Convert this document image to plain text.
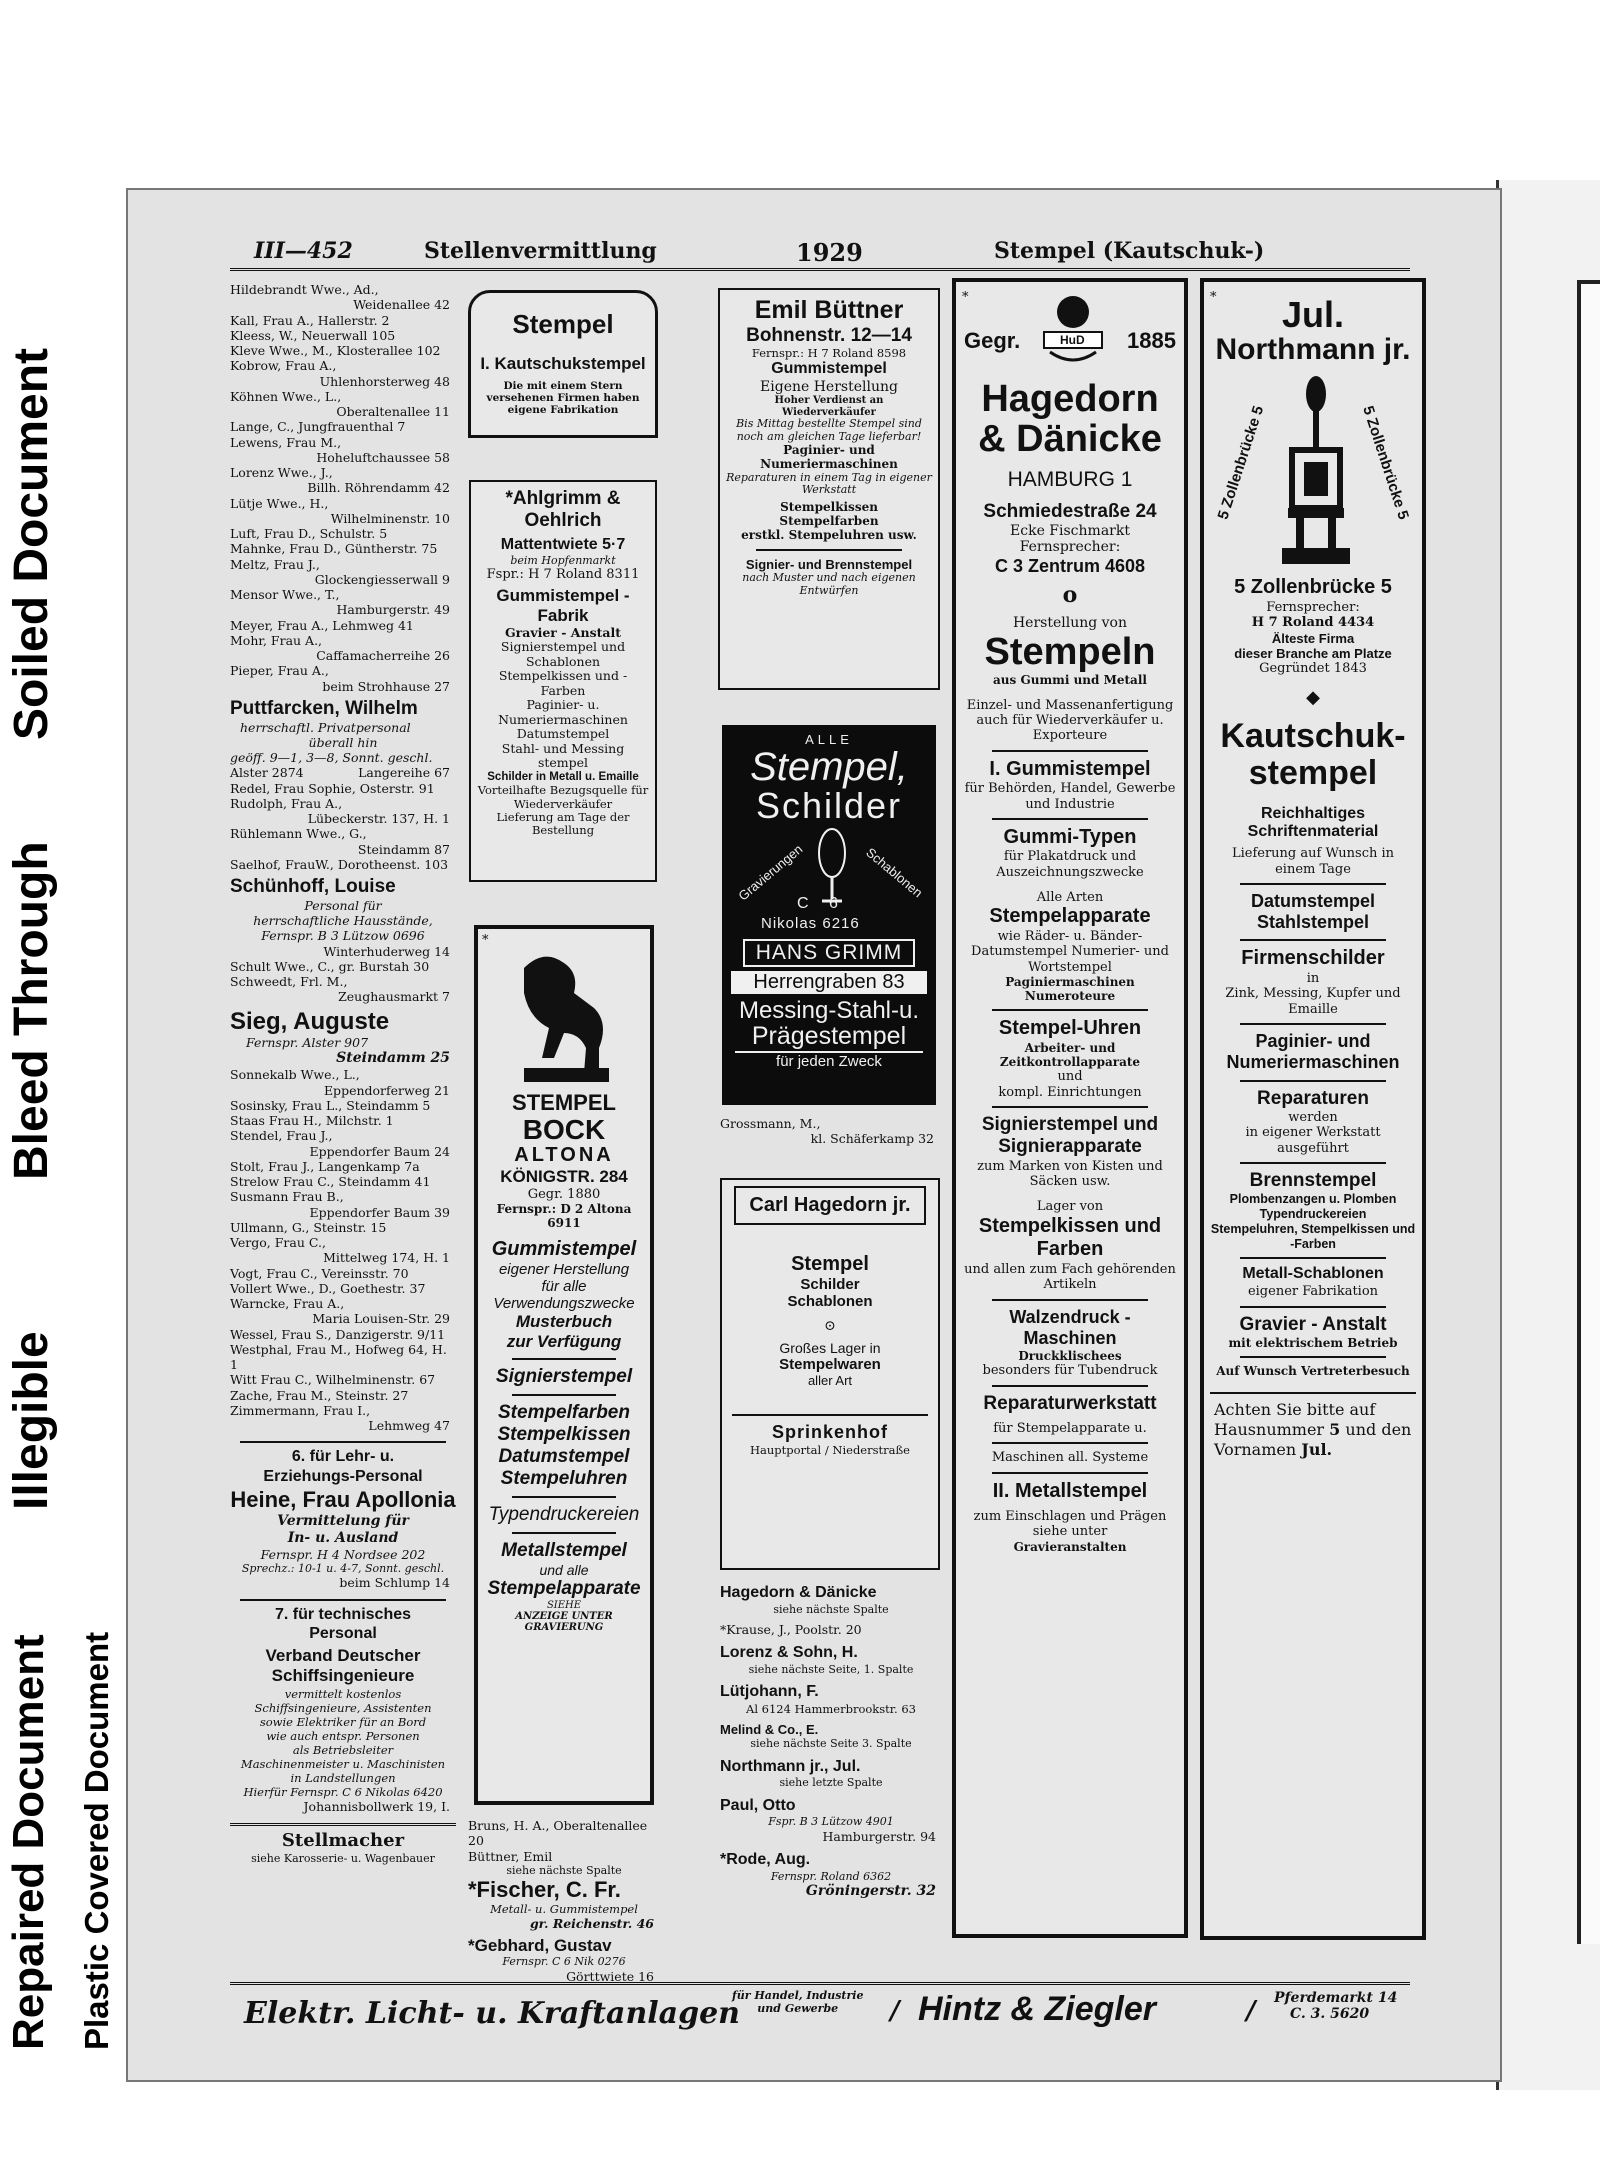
Repaired Document Plastic Covered Document
Illegible
Bleed Through
Soiled Document
III—452	Stellenvermittlung	1929	Stempel (Kautschuk-)
Hildebrandt Wwe., Ad.,
Weidenallee 42
Kall, Frau A., Hallerstr. 2
Kleess, W., Neuerwall 105
Kleve Wwe., M., Klosterallee 102
Kobrow, Frau A.,
Uhlenhorsterweg 48
Köhnen Wwe., L.,
Oberaltenallee 11
Lange, C., Jungfrauenthal 7
Lewens, Frau M.,
Hoheluftchaussee 58
Lorenz Wwe., J.,
Billh. Röhrendamm 42
Lütje Wwe., H.,
Wilhelminenstr. 10
Luft, Frau D., Schulstr. 5
Mahnke, Frau D., Güntherstr. 75
Meltz, Frau J.,
Glockengiesserwall 9
Mensor Wwe., T.,
Hamburgerstr. 49
Meyer, Frau A., Lehmweg 41
Mohr, Frau A.,
Caffamacherreihe 26
Pieper, Frau A.,
beim Strohhause 27
Puttfarcken, Wilhelm
herrschaftl. Privatpersonal
überall hin
geöff. 9—1, 3—8, Sonnt. geschl.
Alster 2874	Langereihe 67
Redel, Frau Sophie, Osterstr. 91
Rudolph, Frau A.,
Lübeckerstr. 137, H. 1
Rühlemann Wwe., G.,
Steindamm 87
Saelhof, FrauW., Dorotheenst. 103
Schünhoff, Louise
Personal für
herrschaftliche Hausstände,
Fernspr. B 3 Lützow 0696
Winterhuderweg 14
Schult Wwe., C., gr. Burstah 30
Schweedt, Frl. M.,
Zeughausmarkt 7
Sieg, Auguste
Fernspr. Alster 907
Steindamm 25
Sonnekalb Wwe., L.,
Eppendorferweg 21
Sosinsky, Frau L., Steindamm 5
Staas Frau H., Milchstr. 1
Stendel, Frau J.,
Eppendorfer Baum 24
Stolt, Frau J., Langenkamp 7a
Strelow Frau C., Steindamm 41
Susmann Frau B.,
Eppendorfer Baum 39
Ullmann, G., Steinstr. 15
Vergo, Frau C.,
Mittelweg 174, H. 1
Vogt, Frau C., Vereinsstr. 70
Vollert Wwe., D., Goethestr. 37
Warncke, Frau A.,
Maria Louisen-Str. 29
Wessel, Frau S., Danzigerstr. 9/11
Westphal, Frau M., Hofweg 64, H. 1
Witt Frau C., Wilhelminenstr. 67
Zache, Frau M., Steinstr. 27
Zimmermann, Frau I.,
Lehmweg 47
6. für Lehr- u.
Erziehungs-Personal
Heine, Frau Apollonia
Vermittelung für
In- u. Ausland
Fernspr. H 4 Nordsee 202
Sprechz.: 10-1 u. 4-7, Sonnt. geschl.
beim Schlump 14
7. für technisches
Personal
Verband Deutscher
Schiffsingenieure
vermittelt kostenlos
Schiffsingenieure, Assistenten
sowie Elektriker für an Bord
wie auch entspr. Personen
als Betriebsleiter
Maschinenmeister u. Maschinisten
in Landstellungen
Hierfür Fernspr. C 6 Nikolas 6420
Johannisbollwerk 19, I.
Stellmacher
siehe Karosserie- u. Wagenbauer
Stempel
I. Kautschukstempel
Die mit einem Stern versehenen Firmen haben eigene Fabrikation
*Ahlgrimm & Oehlrich
Mattentwiete 5·7
beim Hopfenmarkt
Fspr.: H 7 Roland 8311
Gummistempel - Fabrik
Gravier - Anstalt
Signierstempel und Schablonen
Stempelkissen und -Farben
Paginier- u. Numeriermaschinen
Datumstempel
Stahl- und Messing stempel
Schilder in Metall u. Emaille
Vorteilhafte Bezugsquelle für Wiederverkäufer
Lieferung am Tage der Bestellung
*
STEMPEL
BOCK
ALTONA
KÖNIGSTR. 284
Gegr. 1880
Fernspr.: D 2 Altona 6911
Gummistempel
eigener Herstellung
für alle
Verwendungszwecke
Musterbuch
zur Verfügung
Signierstempel
Stempelfarben
Stempelkissen
Datumstempel
Stempeluhren
Typendruckereien
Metallstempel
und alle
Stempelapparate
SIEHE
ANZEIGE UNTER GRAVIERUNG
Bruns, H. A., Oberaltenallee 20
Büttner, Emil
siehe nächste Spalte
*Fischer, C. Fr.
Metall- u. Gummistempel
gr. Reichenstr. 46
*Gebhard, Gustav
Fernspr. C 6 Nik 0276
Görttwiete 16
Emil Büttner
Bohnenstr. 12—14
Fernspr.: H 7 Roland 8598
Gummistempel
Eigene Herstellung
Hoher Verdienst an Wiederverkäufer
Bis Mittag bestellte Stempel sind noch am gleichen Tage lieferbar!
Paginier- und Numeriermaschinen
Reparaturen in einem Tag in eigener Werkstatt
Stempelkissen
Stempelfarben
erstkl. Stempeluhren usw.
Signier- und Brennstempel
nach Muster und nach eigenen Entwürfen
ALLE
Stempel,
Schilder
Gravierungen	Schablonen
C 6
Nikolas 6216
HANS GRIMM
Herrengraben 83
Messing-Stahl-u.
Prägestempel
für jeden Zweck
Grossmann, M.,
kl. Schäferkamp 32
Carl Hagedorn jr.
Stempel
Schilder
Schablonen
⊙
Großes Lager in
Stempelwaren
aller Art
Sprinkenhof
Hauptportal / Niederstraße
Hagedorn & Dänicke
siehe nächste Spalte
*Krause, J., Poolstr. 20
Lorenz & Sohn, H.
siehe nächste Seite, 1. Spalte
Lütjohann, F.
Al 6124 Hammerbrookstr. 63
Melind & Co., E.
siehe nächste Seite 3. Spalte
Northmann jr., Jul.
siehe letzte Spalte
Paul, Otto
Fspr. B 3 Lützow 4901
Hamburgerstr. 94
*Rode, Aug.
Fernspr. Roland 6362
Gröningerstr. 32
*
Gegr.	1885
HuD
Hagedorn
& Dänicke
HAMBURG 1
Schmiedestraße 24
Ecke Fischmarkt
Fernsprecher:
C 3 Zentrum 4608
o
Herstellung von
Stempeln
aus Gummi und Metall
Einzel- und Massenanfertigung auch für Wiederverkäufer u. Exporteure
I. Gummistempel
für Behörden, Handel, Gewerbe und Industrie
Gummi-Typen
für Plakatdruck und Auszeichnungszwecke
Alle Arten
Stempelapparate
wie Räder- u. Bänder-Datumstempel Numerier- und Wortstempel
Paginiermaschinen Numeroteure
Stempel-Uhren
Arbeiter- und Zeitkontrollapparate
und
kompl. Einrichtungen
Signierstempel und Signierapparate
zum Marken von Kisten und Säcken usw.
Lager von
Stempelkissen und Farben
und allen zum Fach gehörenden Artikeln
Walzendruck - Maschinen
Druckklischees
besonders für Tubendruck
Reparaturwerkstatt
für Stempelapparate u.
Maschinen all. Systeme
II. Metallstempel
zum Einschlagen und Prägen siehe unter
Gravieranstalten
*	Jul.
Northmann jr.
5 Zollenbrücke 5	5 Zollenbrücke 5
5 Zollenbrücke 5
Fernsprecher:
H 7 Roland 4434
Älteste Firma
dieser Branche am Platze
Gegründet 1843
◆
Kautschuk-
stempel
Reichhaltiges
Schriftenmaterial
Lieferung auf Wunsch in einem Tage
Datumstempel
Stahlstempel
Firmenschilder
in
Zink, Messing, Kupfer und Emaille
Paginier- und
Numeriermaschinen
Reparaturen
werden
in eigener Werkstatt ausgeführt
Brennstempel
Plombenzangen u. Plomben
Typendruckereien
Stempeluhren, Stempelkissen und -Farben
Metall-Schablonen
eigener Fabrikation
Gravier - Anstalt
mit elektrischem Betrieb
Auf Wunsch Vertreterbesuch
Achten Sie bitte auf Hausnummer 5 und den Vornamen Jul.
Elektr. Licht- u. Kraftanlagen
für Handel, Industrie
und Gewerbe	/ Hintz & Ziegler	/ Pferdemarkt 14
C. 3. 5620
